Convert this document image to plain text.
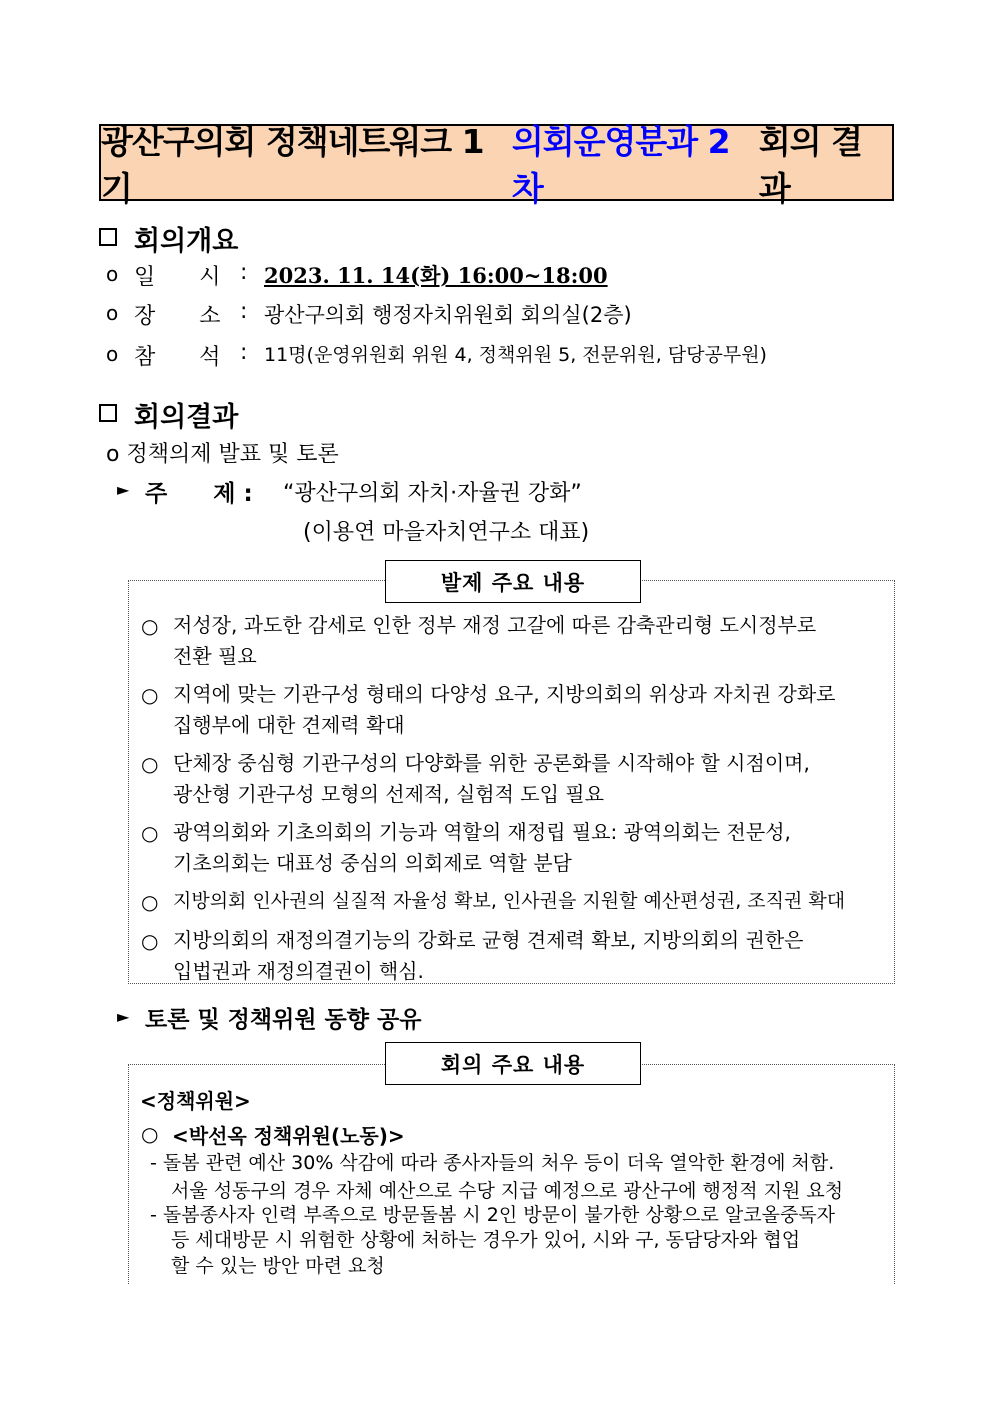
광산구의회 정책네트워크 1기
의회운영분과 2차
회의 결과
회의개요
o 일　　시 : 2023. 11. 14(화) 16:00~18:00
o 장　　소 : 광산구의회 행정자치위원회 회의실(2층)
o 참　　석 : 11명(운영위원회 위원 4, 정책위원 5, 전문위원, 담당공무원)
회의결과
o 정책의제 발표 및 토론
► 주　　제 : “광산구의회 자치·자율권 강화”
(이용연 마을자치연구소 대표)
발제 주요 내용
○ 저성장, 과도한 감세로 인한 정부 재정 고갈에 따른 감축관리형 도시정부로
전환 필요
○ 지역에 맞는 기관구성 형태의 다양성 요구, 지방의회의 위상과 자치권 강화로
집행부에 대한 견제력 확대
○ 단체장 중심형 기관구성의 다양화를 위한 공론화를 시작해야 할 시점이며,
광산형 기관구성 모형의 선제적, 실험적 도입 필요
○ 광역의회와 기초의회의 기능과 역할의 재정립 필요: 광역의회는 전문성,
기초의회는 대표성 중심의 의회제로 역할 분담
○ 지방의회 인사권의 실질적 자율성 확보, 인사권을 지원할 예산편성권, 조직권 확대
○ 지방의회의 재정의결기능의 강화로 균형 견제력 확보, 지방의회의 권한은
입법권과 재정의결권이 핵심.
► 토론 및 정책위원 동향 공유
회의 주요 내용
<정책위원>
○ <박선옥 정책위원(노동)>
- 돌봄 관련 예산 30% 삭감에 따라 종사자들의 처우 등이 더욱 열악한 환경에 처함.
서울 성동구의 경우 자체 예산으로 수당 지급 예정으로 광산구에 행정적 지원 요청
- 돌봄종사자 인력 부족으로 방문돌봄 시 2인 방문이 불가한 상황으로 알코올중독자
등 세대방문 시 위험한 상황에 처하는 경우가 있어, 시와 구, 동담당자와 협업
할 수 있는 방안 마련 요청
